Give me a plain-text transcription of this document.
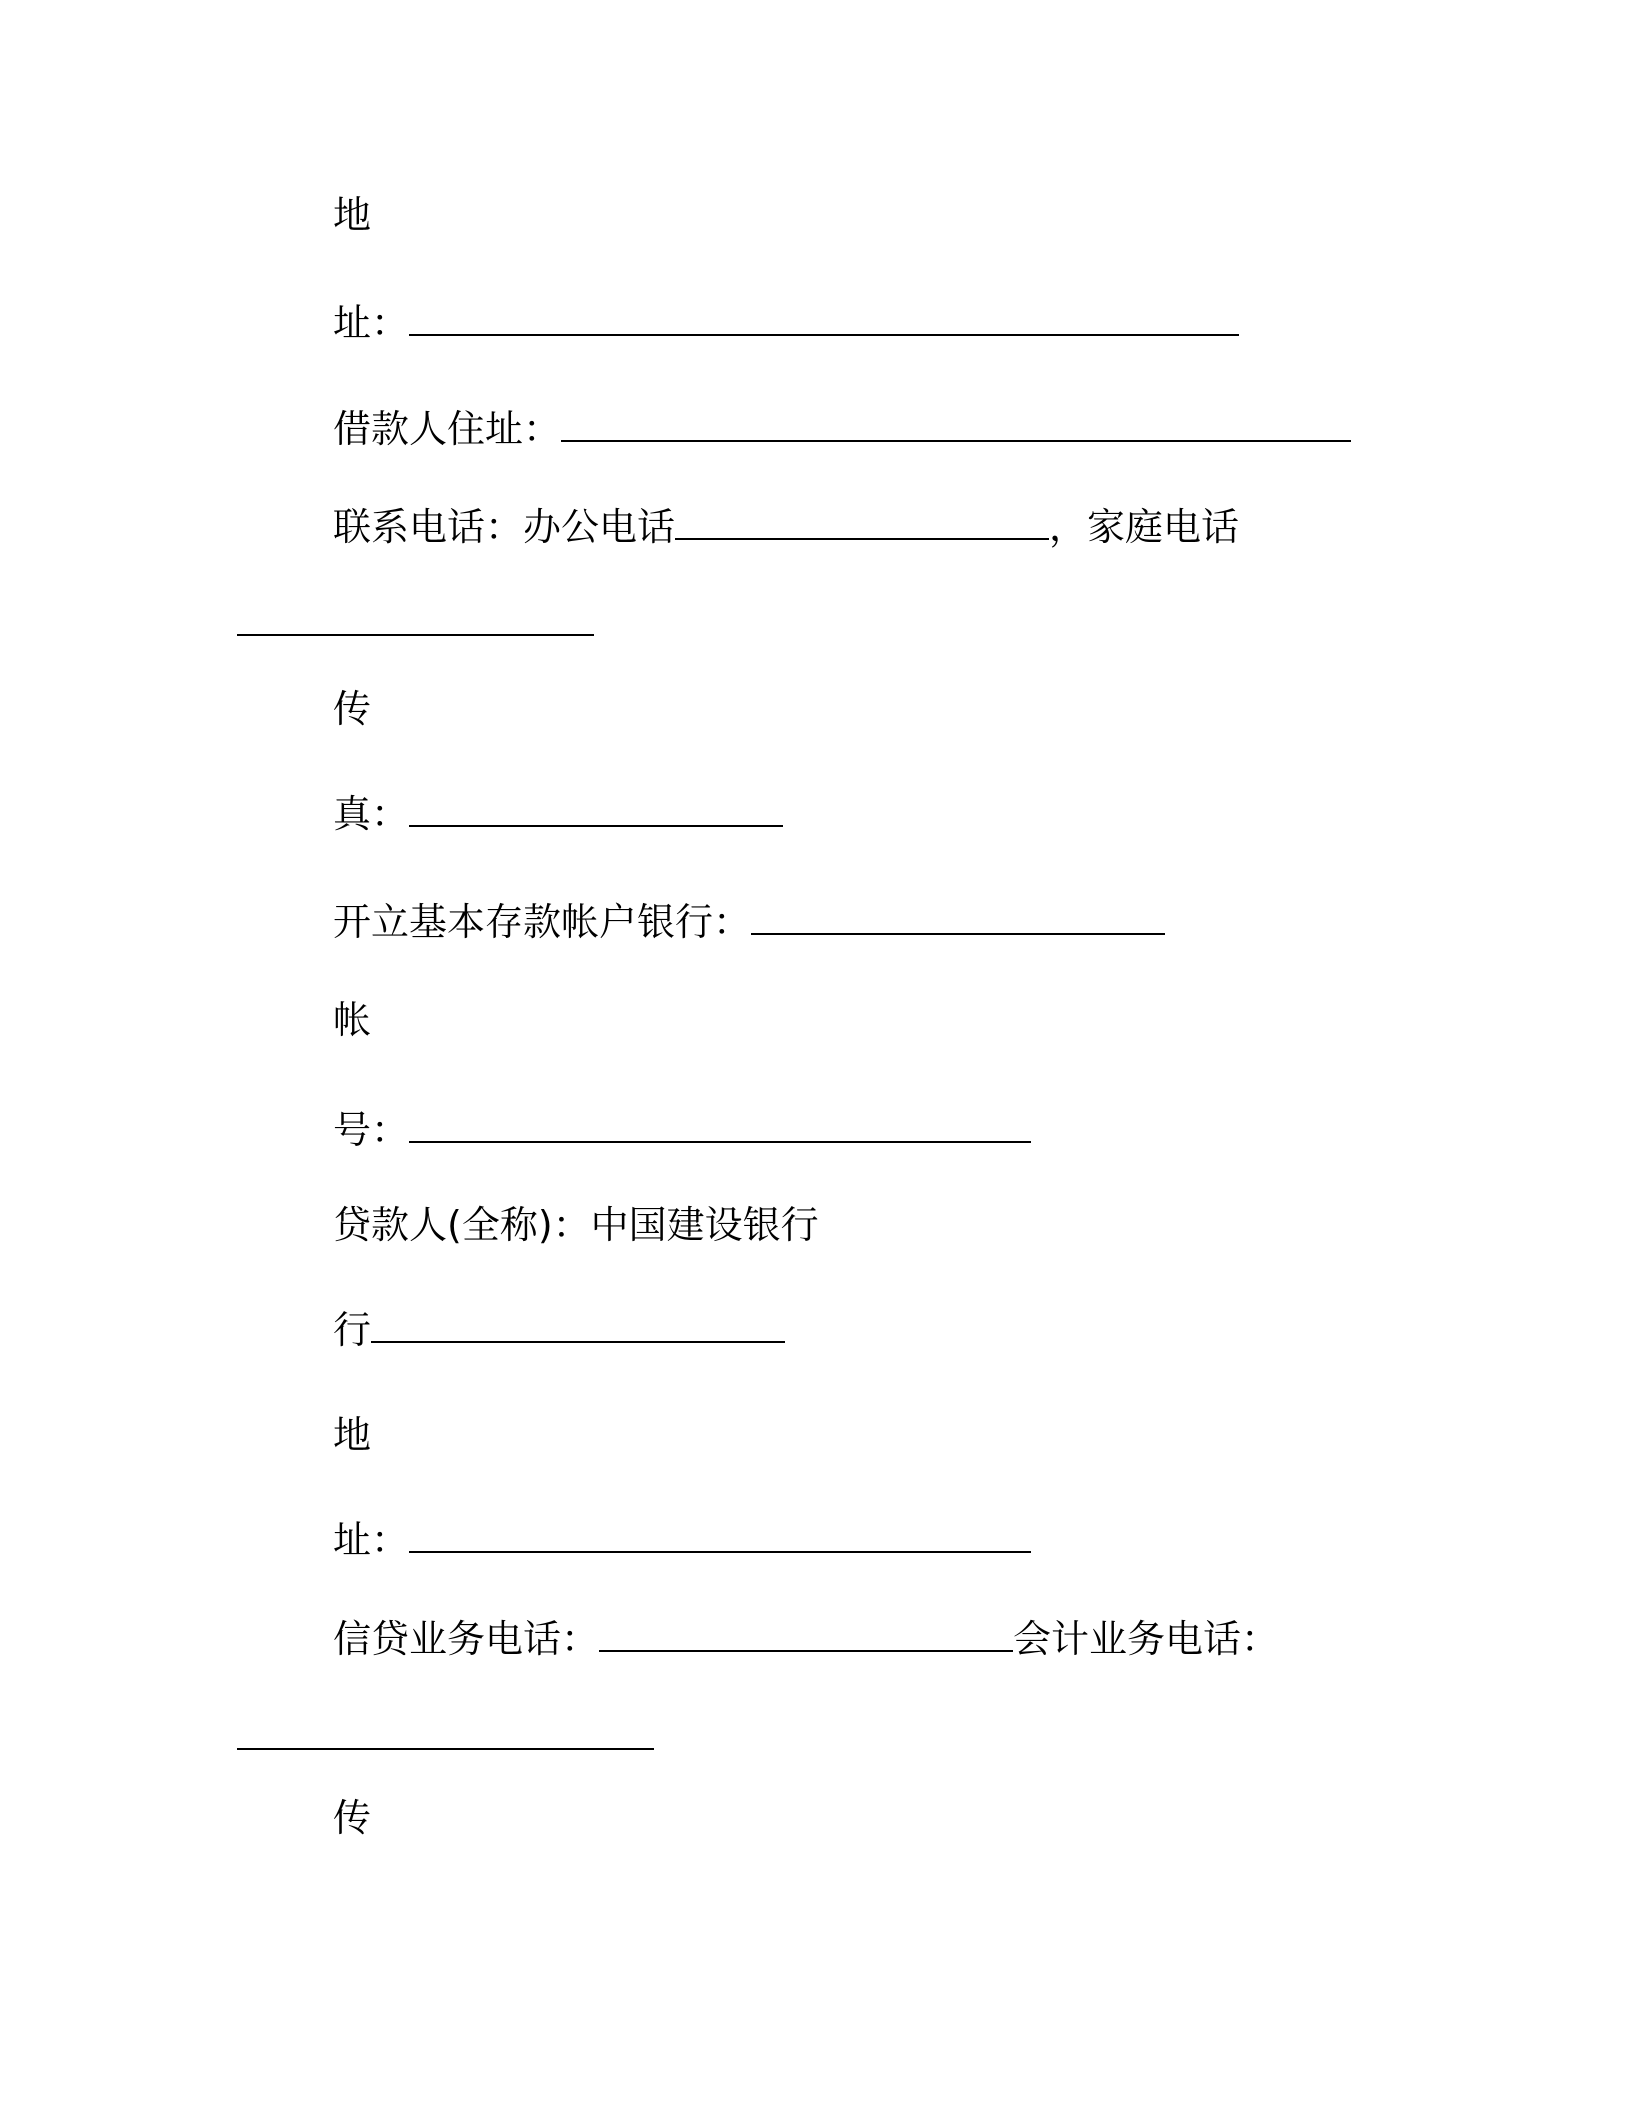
地
址：
借款人住址：
联系电话：办公电话	，家庭电话
传
真：
开立基本存款帐户银行：
帐
号：
贷款人(全称)：中国建设银行
行
地
址：
信贷业务电话：	会计业务电话：
传
